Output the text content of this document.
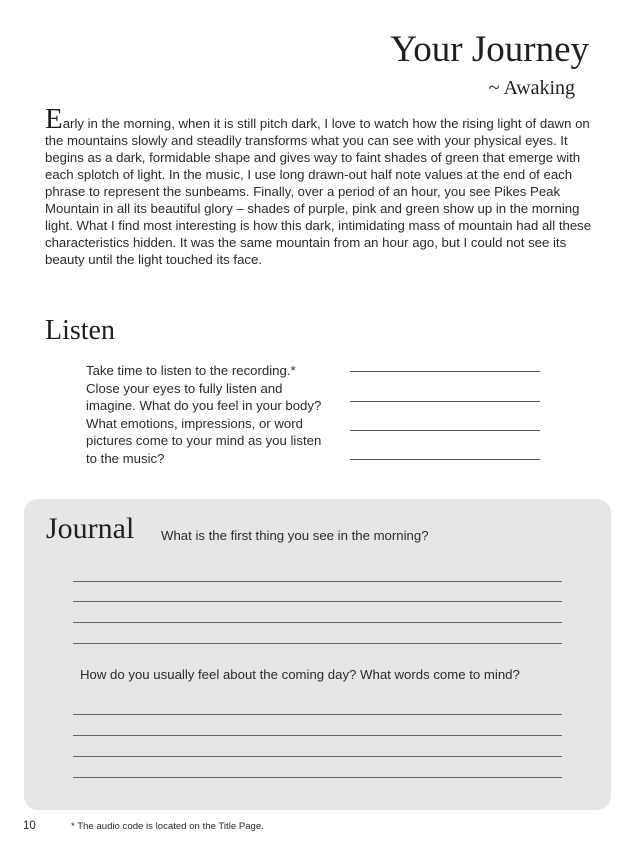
Your Journey
~ Awaking

Early in the morning, when it is still pitch dark, I love to watch how the rising light of dawn on the mountains slowly and steadily transforms what you can see with your physical eyes. It begins as a dark, formidable shape and gives way to faint shades of green that emerge with each splotch of light. In the music, I use long drawn-out half note values at the end of each phrase to represent the sunbeams. Finally, over a period of an hour, you see Pikes Peak Mountain in all its beautiful glory – shades of purple, pink and green show up in the morning light. What I find most interesting is how this dark, intimidating mass of mountain had all these characteristics hidden. It was the same mountain from an hour ago, but I could not see its beauty until the light touched its face.

Listen

Take time to listen to the recording.* Close your eyes to fully listen and imagine. What do you feel in your body? What emotions, impressions, or word pictures come to your mind as you listen to the music?

Journal What is the first thing you see in the morning?
How do you usually feel about the coming day? What words come to mind?
10	* The audio code is located on the Title Page.
